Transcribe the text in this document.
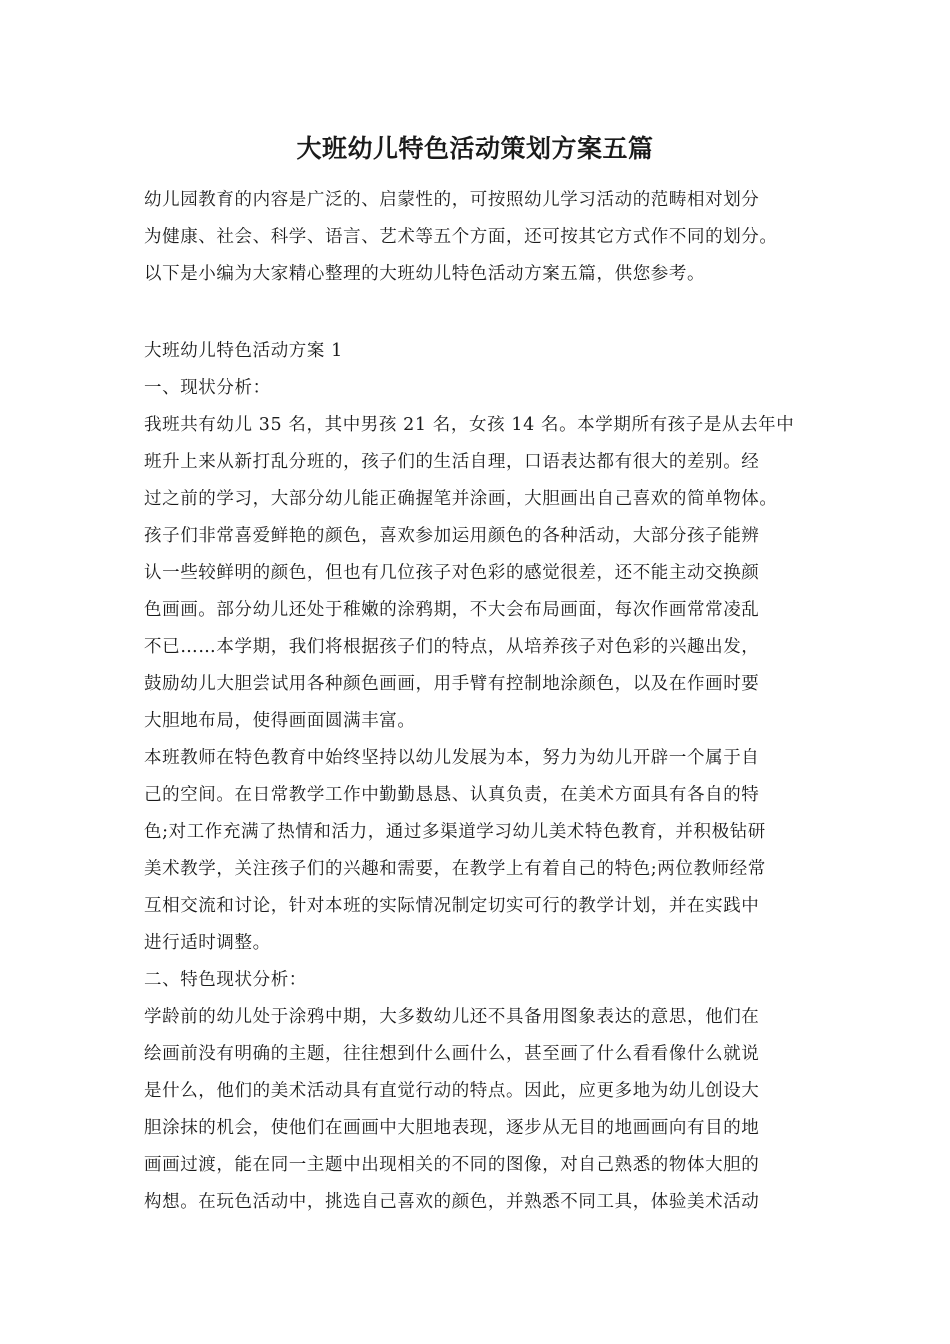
大班幼儿特色活动策划方案五篇
幼儿园教育的内容是广泛的、启蒙性的，可按照幼儿学习活动的范畴相对划分
为健康、社会、科学、语言、艺术等五个方面，还可按其它方式作不同的划分。
以下是小编为大家精心整理的大班幼儿特色活动方案五篇，供您参考。
大班幼儿特色活动方案 1
一、现状分析：
我班共有幼儿 35 名，其中男孩 21 名，女孩 14 名。本学期所有孩子是从去年中
班升上来从新打乱分班的，孩子们的生活自理，口语表达都有很大的差别。经
过之前的学习，大部分幼儿能正确握笔并涂画，大胆画出自己喜欢的简单物体。
孩子们非常喜爱鲜艳的颜色，喜欢参加运用颜色的各种活动，大部分孩子能辨
认一些较鲜明的颜色，但也有几位孩子对色彩的感觉很差，还不能主动交换颜
色画画。部分幼儿还处于稚嫩的涂鸦期，不大会布局画面，每次作画常常凌乱
不已……本学期，我们将根据孩子们的特点，从培养孩子对色彩的兴趣出发，
鼓励幼儿大胆尝试用各种颜色画画，用手臂有控制地涂颜色，以及在作画时要
大胆地布局，使得画面圆满丰富。
本班教师在特色教育中始终坚持以幼儿发展为本，努力为幼儿开辟一个属于自
己的空间。在日常教学工作中勤勤恳恳、认真负责，在美术方面具有各自的特
色;对工作充满了热情和活力，通过多渠道学习幼儿美术特色教育，并积极钻研
美术教学，关注孩子们的兴趣和需要，在教学上有着自己的特色;两位教师经常
互相交流和讨论，针对本班的实际情况制定切实可行的教学计划，并在实践中
进行适时调整。
二、特色现状分析：
学龄前的幼儿处于涂鸦中期，大多数幼儿还不具备用图象表达的意思，他们在
绘画前没有明确的主题，往往想到什么画什么，甚至画了什么看看像什么就说
是什么，他们的美术活动具有直觉行动的特点。因此，应更多地为幼儿创设大
胆涂抹的机会，使他们在画画中大胆地表现，逐步从无目的地画画向有目的地
画画过渡，能在同一主题中出现相关的不同的图像，对自己熟悉的物体大胆的
构想。在玩色活动中，挑选自己喜欢的颜色，并熟悉不同工具，体验美术活动
